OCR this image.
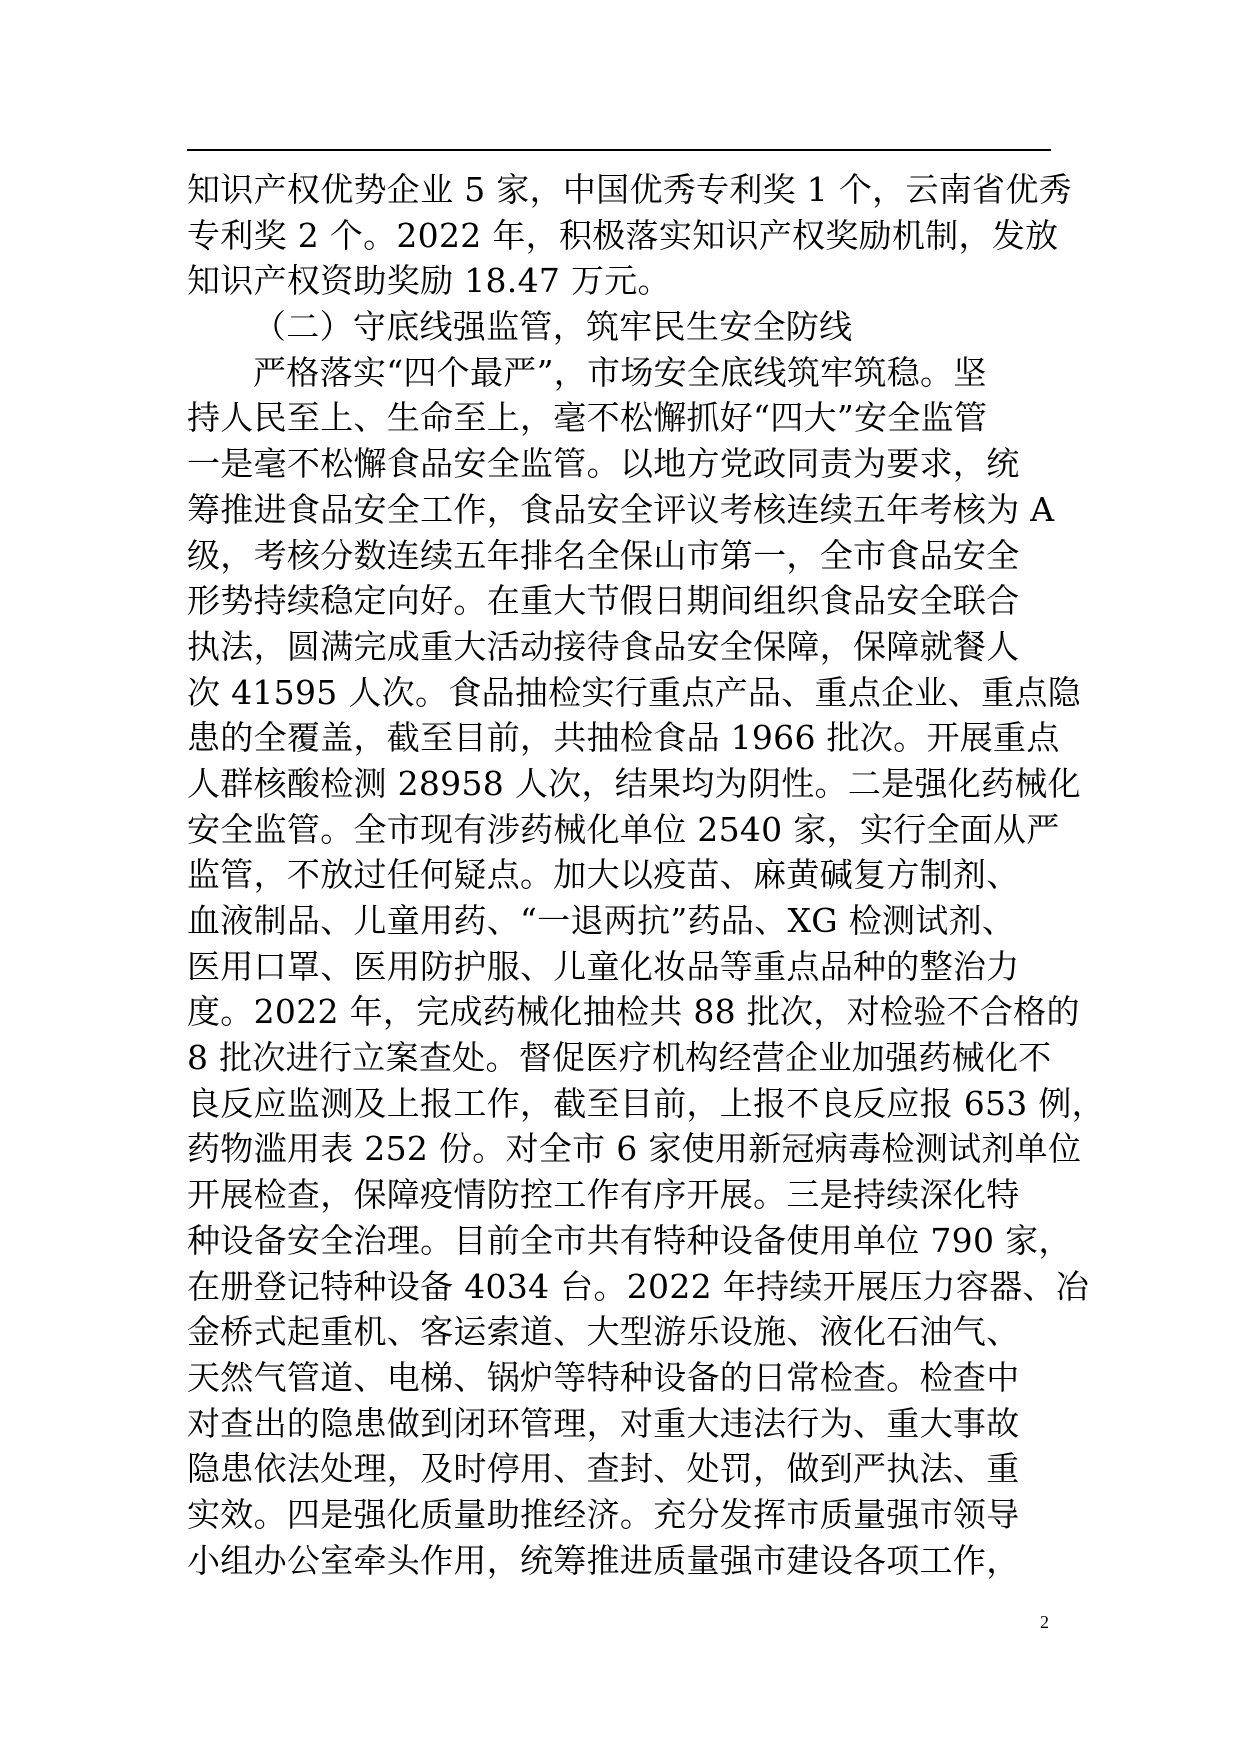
知识产权优势企业 5 家，中国优秀专利奖 1 个，云南省优秀
专利奖 2 个。2022 年，积极落实知识产权奖励机制，发放
知识产权资助奖励 18.47 万元。
（二）守底线强监管，筑牢民生安全防线
严格落实“四个最严”，市场安全底线筑牢筑稳。坚
持人民至上、生命至上，毫不松懈抓好“四大”安全监管
一是毫不松懈食品安全监管。以地方党政同责为要求，统
筹推进食品安全工作，食品安全评议考核连续五年考核为 A
级，考核分数连续五年排名全保山市第一，全市食品安全
形势持续稳定向好。在重大节假日期间组织食品安全联合
执法，圆满完成重大活动接待食品安全保障，保障就餐人
次 41595 人次。食品抽检实行重点产品、重点企业、重点隐
患的全覆盖，截至目前，共抽检食品 1966 批次。开展重点
人群核酸检测 28958 人次，结果均为阴性。二是强化药械化
安全监管。全市现有涉药械化单位 2540 家，实行全面从严
监管，不放过任何疑点。加大以疫苗、麻黄碱复方制剂、
血液制品、儿童用药、“一退两抗”药品、XG 检测试剂、
医用口罩、医用防护服、儿童化妆品等重点品种的整治力
度。2022 年，完成药械化抽检共 88 批次，对检验不合格的
8 批次进行立案查处。督促医疗机构经营企业加强药械化不
良反应监测及上报工作，截至目前，上报不良反应报 653 例，
药物滥用表 252 份。对全市 6 家使用新冠病毒检测试剂单位
开展检查，保障疫情防控工作有序开展。三是持续深化特
种设备安全治理。目前全市共有特种设备使用单位 790 家，
在册登记特种设备 4034 台。2022 年持续开展压力容器、冶
金桥式起重机、客运索道、大型游乐设施、液化石油气、
天然气管道、电梯、锅炉等特种设备的日常检查。检查中
对查出的隐患做到闭环管理，对重大违法行为、重大事故
隐患依法处理，及时停用、查封、处罚，做到严执法、重
实效。四是强化质量助推经济。充分发挥市质量强市领导
小组办公室牵头作用，统筹推进质量强市建设各项工作，
2
